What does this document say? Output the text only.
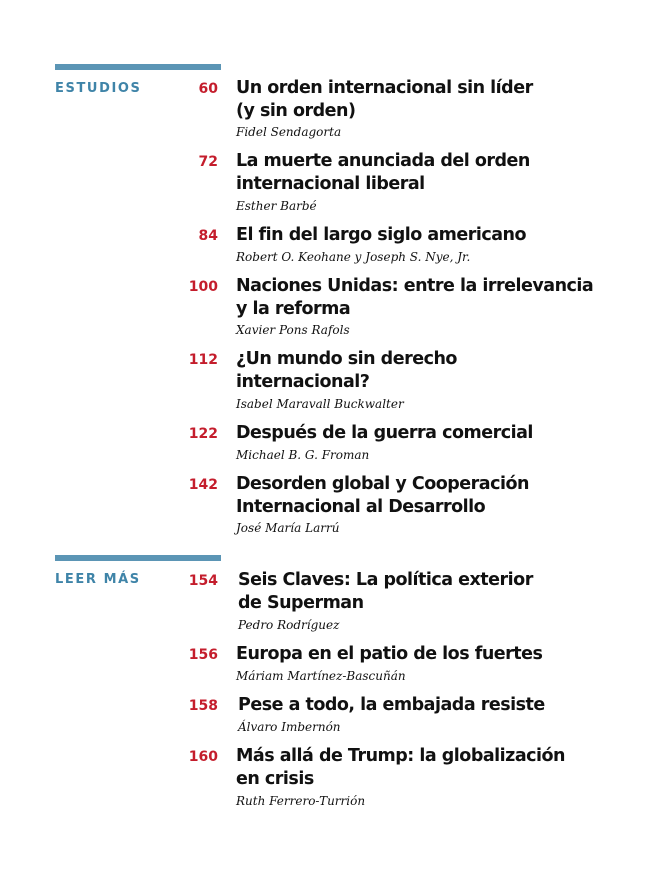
ESTUDIOS	60 Un orden internacional sin líder
(y sin orden)
Fidel Sendagorta
72 La muerte anunciada del orden
internacional liberal
Esther Barbé
84 El fin del largo siglo americano
Robert O. Keohane y Joseph S. Nye, Jr.
100 Naciones Unidas: entre la irrelevancia
y la reforma
Xavier Pons Rafols
112 ¿Un mundo sin derecho
internacional?
Isabel Maravall Buckwalter
122 Después de la guerra comercial
Michael B. G. Froman
142 Desorden global y Cooperación
Internacional al Desarrollo
José María Larrú
LEER MÁS	154 Seis Claves: La política exterior
de Superman
Pedro Rodríguez
156 Europa en el patio de los fuertes
Máriam Martínez-Bascuñán
158 Pese a todo, la embajada resiste
Álvaro Imbernón
160 Más allá de Trump: la globalización
en crisis
Ruth Ferrero-Turrión
